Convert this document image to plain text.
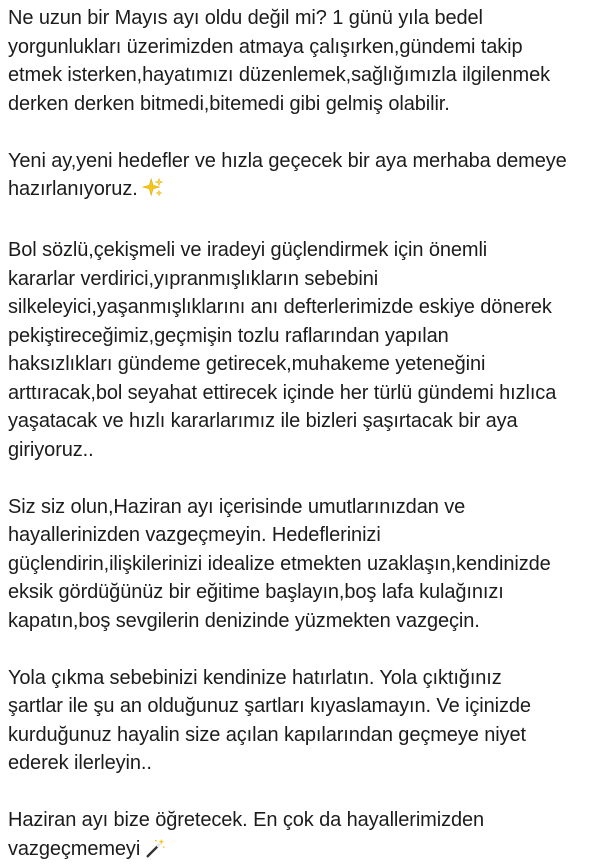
Ne uzun bir Mayıs ayı oldu değil mi? 1 günü yıla bedel
yorgunlukları üzerimizden atmaya çalışırken,gündemi takip
etmek isterken,hayatımızı düzenlemek,sağlığımızla ilgilenmek
derken derken bitmedi,bitemedi gibi gelmiş olabilir.

Yeni ay,yeni hedefler ve hızla geçecek bir aya merhaba demeye
hazırlanıyoruz.

Bol sözlü,çekişmeli ve iradeyi güçlendirmek için önemli
kararlar verdirici,yıpranmışlıkların sebebini
silkeleyici,yaşanmışlıklarını anı defterlerimizde eskiye dönerek
pekiştireceğimiz,geçmişin tozlu raflarından yapılan
haksızlıkları gündeme getirecek,muhakeme yeteneğini
arttıracak,bol seyahat ettirecek içinde her türlü gündemi hızlıca
yaşatacak ve hızlı kararlarımız ile bizleri şaşırtacak bir aya
giriyoruz..

Siz siz olun,Haziran ayı içerisinde umutlarınızdan ve
hayallerinizden vazgeçmeyin. Hedeflerinizi
güçlendirin,ilişkilerinizi idealize etmekten uzaklaşın,kendinizde
eksik gördüğünüz bir eğitime başlayın,boş lafa kulağınızı
kapatın,boş sevgilerin denizinde yüzmekten vazgeçin.

Yola çıkma sebebinizi kendinize hatırlatın. Yola çıktığınız
şartlar ile şu an olduğunuz şartları kıyaslamayın. Ve içinizde
kurduğunuz hayalin size açılan kapılarından geçmeye niyet
ederek ilerleyin..

Haziran ayı bize öğretecek. En çok da hayallerimizden
vazgeçmemeyi
